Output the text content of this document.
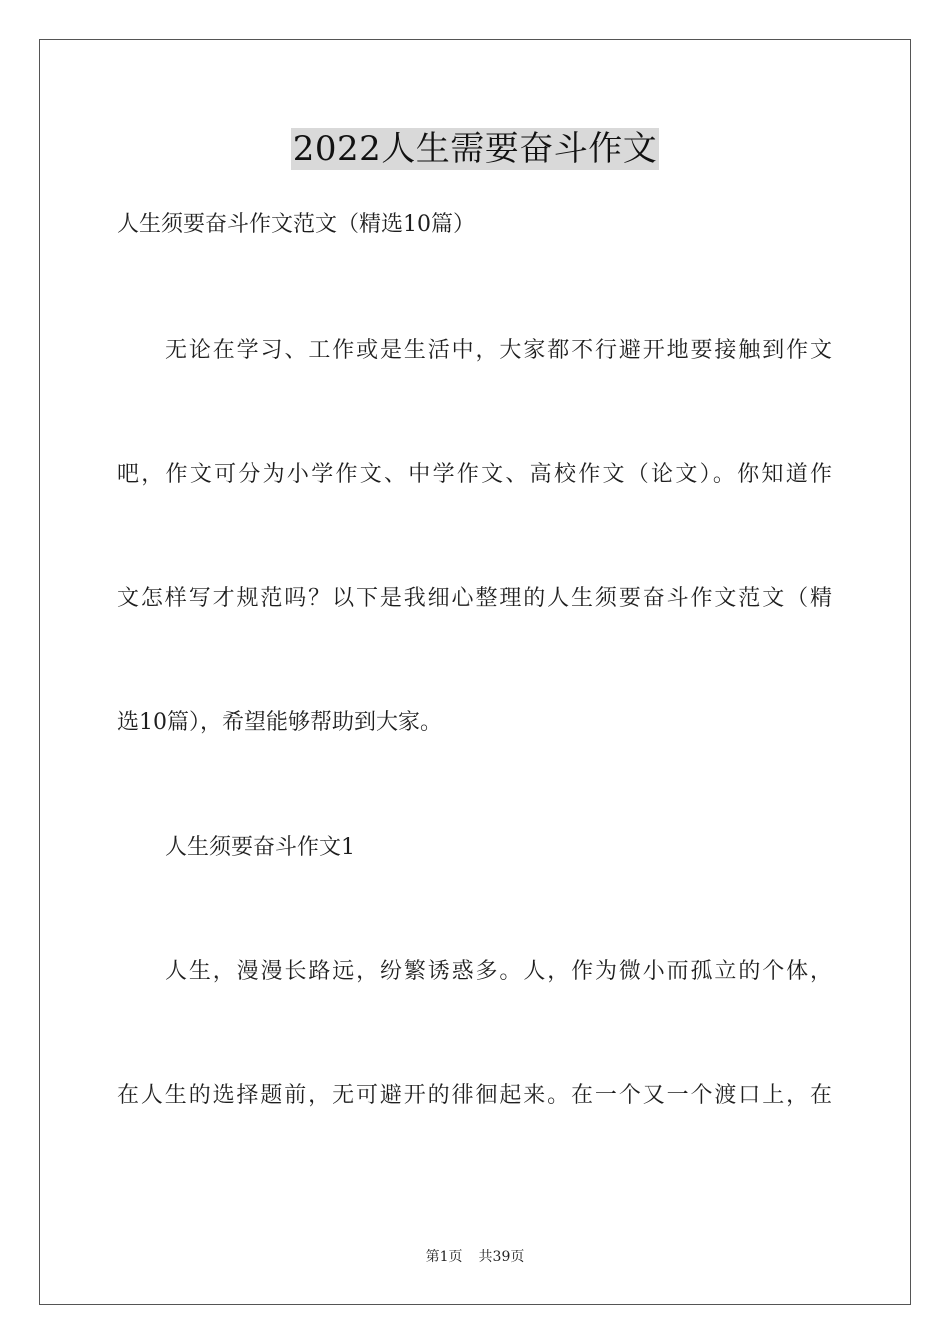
2022人生需要奋斗作文
人生须要奋斗作文范文（精选10篇）
无论在学习、工作或是生活中，大家都不行避开地要接触到作文
吧，作文可分为小学作文、中学作文、高校作文（论文）。你知道作
文怎样写才规范吗？以下是我细心整理的人生须要奋斗作文范文（精
选10篇），希望能够帮助到大家。
人生须要奋斗作文1
人生，漫漫长路远，纷繁诱惑多。人，作为微小而孤立的个体，
在人生的选择题前，无可避开的徘徊起来。在一个又一个渡口上，在
第1页 共39页
